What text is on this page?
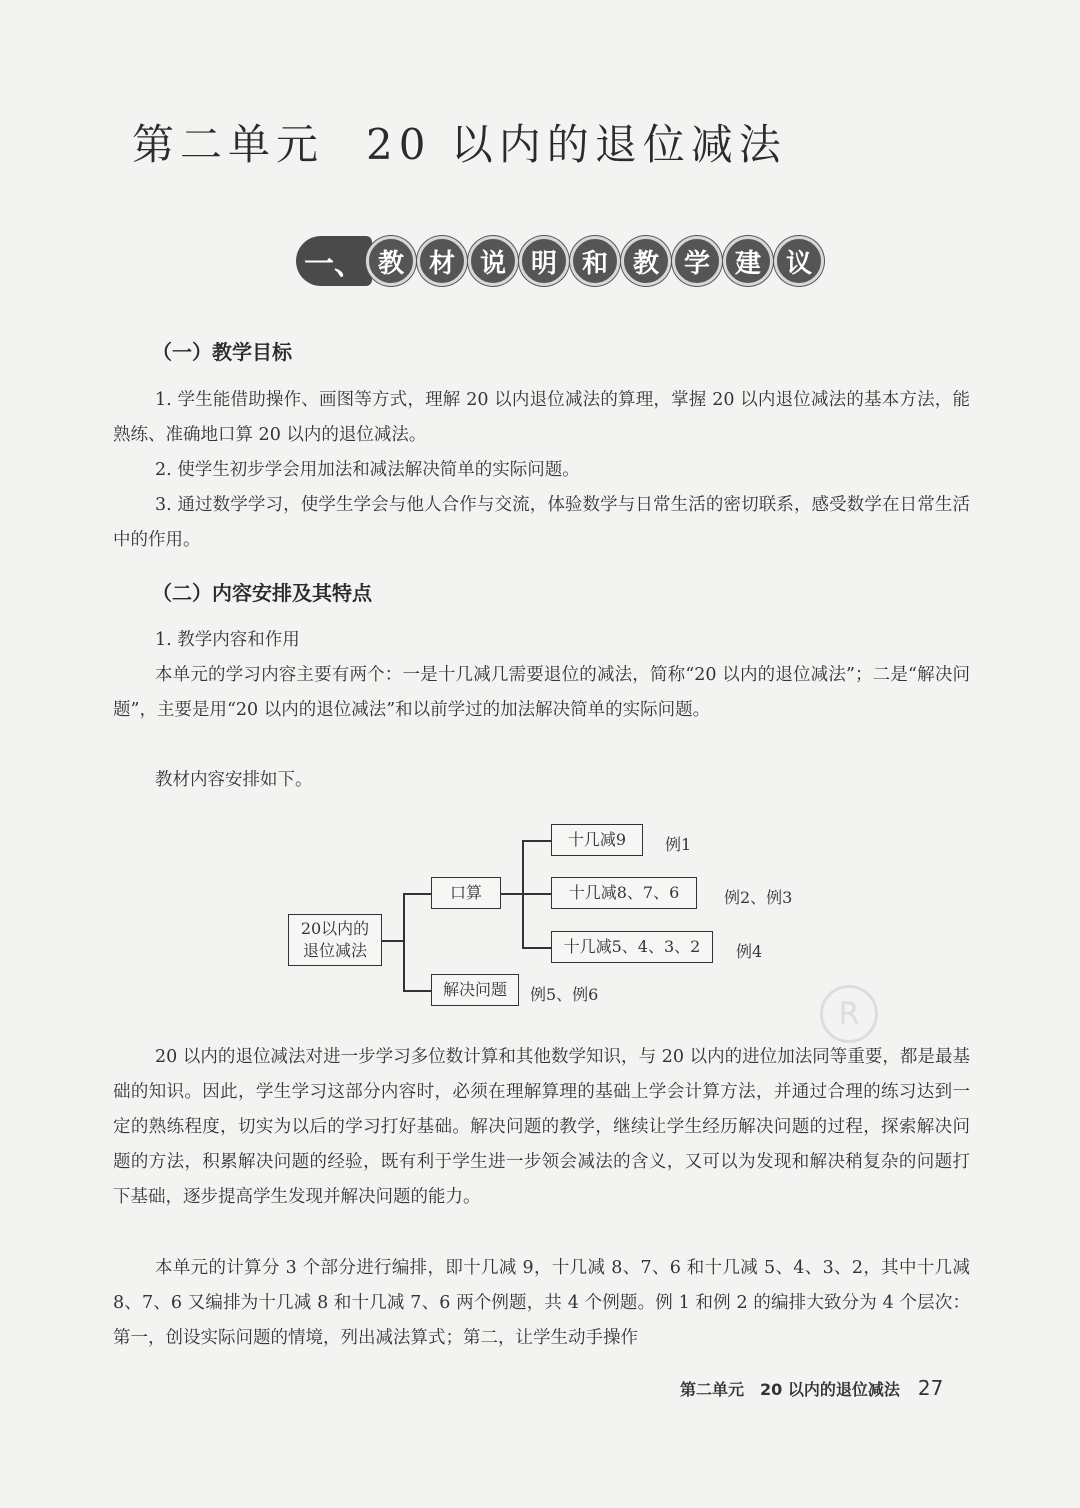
第二单元 20 以内的退位减法
一、 教 材 说 明 和 教 学 建 议
（一）教学目标

1. 学生能借助操作、画图等方式，理解 20 以内退位减法的算理，掌握 20 以内退位减法的基本方法，能熟练、准确地口算 20 以内的退位减法。

2. 使学生初步学会用加法和减法解决简单的实际问题。

3. 通过数学学习，使学生学会与他人合作与交流，体验数学与日常生活的密切联系，感受数学在日常生活中的作用。

（二）内容安排及其特点

1. 教学内容和作用

本单元的学习内容主要有两个：一是十几减几需要退位的减法，简称“20 以内的退位减法”；二是“解决问题”，主要是用“20 以内的退位减法”和以前学过的加法解决简单的实际问题。

教材内容安排如下。

20以内的
退位减法
口算
解决问题	例5、例6
十几减9	例1
十几减8、7、6	例2、例3
十几减5、4、3、2	例4
R

20 以内的退位减法对进一步学习多位数计算和其他数学知识，与 20 以内的进位加法同等重要，都是最基础的知识。因此，学生学习这部分内容时，必须在理解算理的基础上学会计算方法，并通过合理的练习达到一定的熟练程度，切实为以后的学习打好基础。解决问题的教学，继续让学生经历解决问题的过程，探索解决问题的方法，积累解决问题的经验，既有利于学生进一步领会减法的含义，又可以为发现和解决稍复杂的问题打下基础，逐步提高学生发现并解决问题的能力。

本单元的计算分 3 个部分进行编排，即十几减 9，十几减 8、7、6 和十几减 5、4、3、2，其中十几减 8、7、6 又编排为十几减 8 和十几减 7、6 两个例题，共 4 个例题。例 1 和例 2 的编排大致分为 4 个层次：第一，创设实际问题的情境，列出减法算式；第二，让学生动手操作

第二单元　20 以内的退位减法 27
